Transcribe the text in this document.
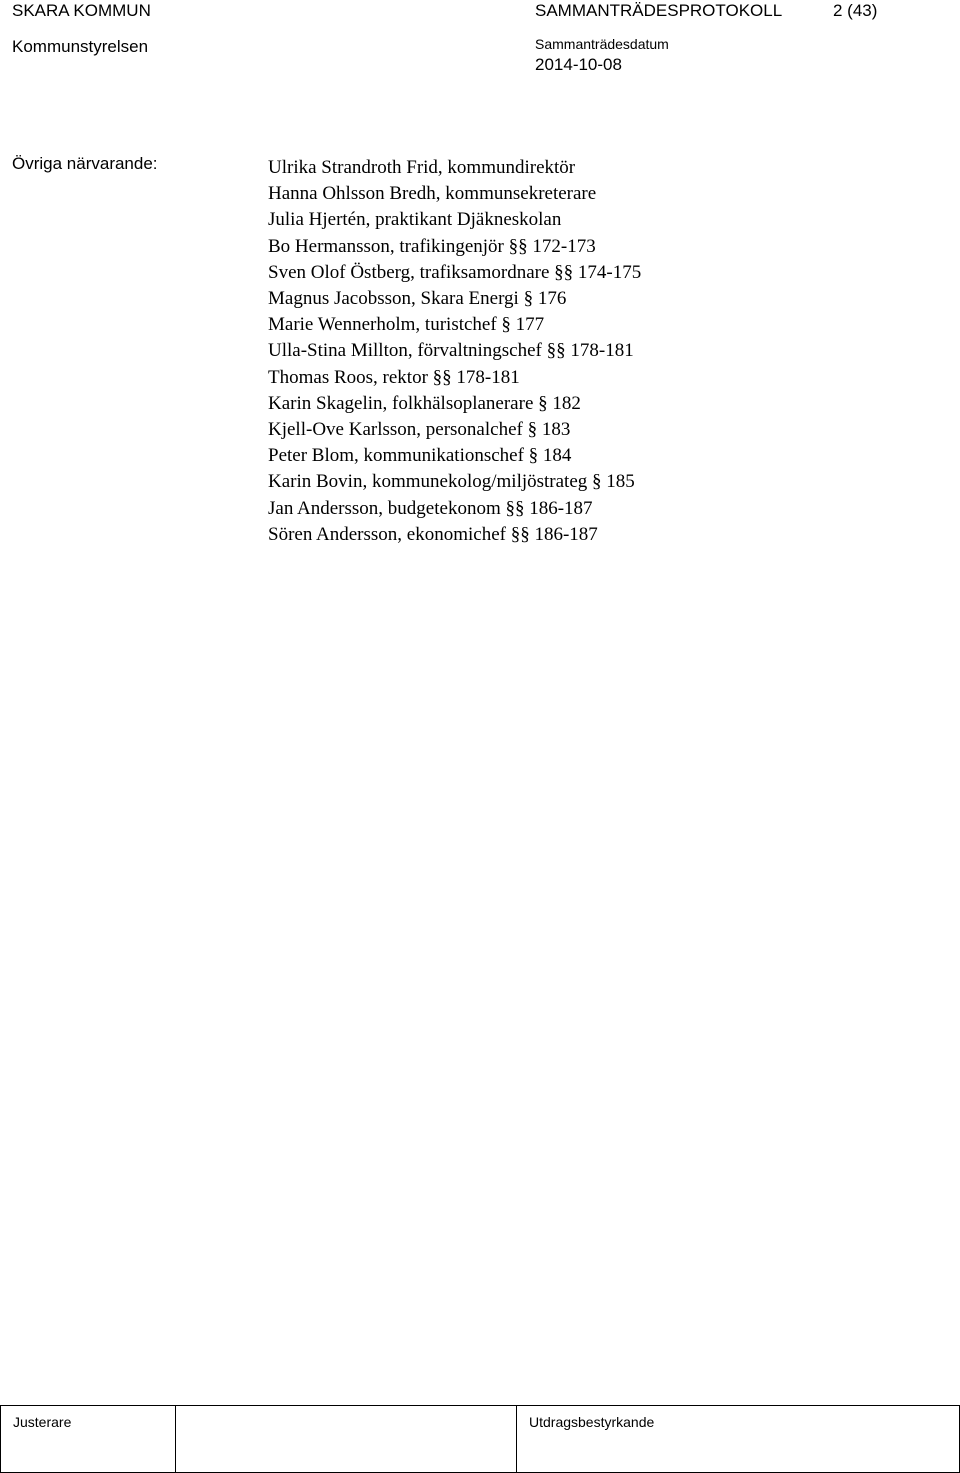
SKARA KOMMUN	SAMMANTRÄDESPROTOKOLL	2 (43)
Kommunstyrelsen	Sammanträdesdatum
2014-10-08
Övriga närvarande:	Ulrika Strandroth Frid, kommundirektör
Hanna Ohlsson Bredh, kommunsekreterare
Julia Hjertén, praktikant Djäkneskolan
Bo Hermansson, trafikingenjör §§ 172-173
Sven Olof Östberg, trafiksamordnare §§ 174-175
Magnus Jacobsson, Skara Energi § 176
Marie Wennerholm, turistchef § 177
Ulla-Stina Millton, förvaltningschef §§ 178-181
Thomas Roos, rektor §§ 178-181
Karin Skagelin, folkhälsoplanerare § 182
Kjell-Ove Karlsson, personalchef § 183
Peter Blom, kommunikationschef § 184
Karin Bovin, kommunekolog/miljöstrateg § 185
Jan Andersson, budgetekonom §§ 186-187
Sören Andersson, ekonomichef §§ 186-187
Justerare		Utdragsbestyrkande
